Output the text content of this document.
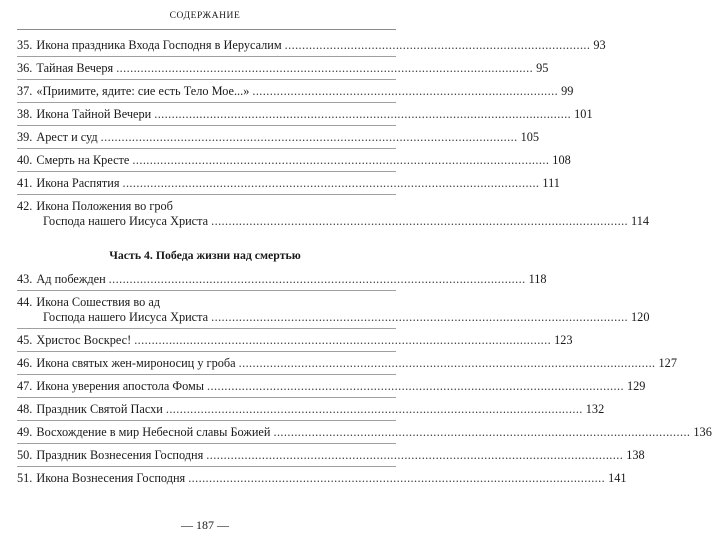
СОДЕРЖАНИЕ
35. Икона праздника Входа Господня в Иерусалим ........................................................................................ 93
36. Тайная Вечеря ........................................................................................................................ 95
37. «Приимите, ядите: сие есть Тело Мое...» ........................................................................................ 99
38. Икона Тайной Вечери ........................................................................................................................ 101
39. Арест и суд ........................................................................................................................ 105
40. Смерть на Кресте ........................................................................................................................ 108
41. Икона Распятия ........................................................................................................................ 111
42. Икона Положения во гроб
Господа нашего Иисуса Христа ........................................................................................................................ 114
Часть 4. Победа жизни над смертью
43. Ад побежден ........................................................................................................................ 118
44. Икона Сошествия во ад
Господа нашего Иисуса Христа ........................................................................................................................ 120
45. Христос Воскрес! ........................................................................................................................ 123
46. Икона святых жен-мироносиц у гроба ........................................................................................................................ 127
47. Икона уверения апостола Фомы ........................................................................................................................ 129
48. Праздник Святой Пасхи ........................................................................................................................ 132
49. Восхождение в мир Небесной славы Божией ........................................................................................................................ 136
50. Праздник Вознесения Господня ........................................................................................................................ 138
51. Икона Вознесения Господня ........................................................................................................................ 141
— 187 —
